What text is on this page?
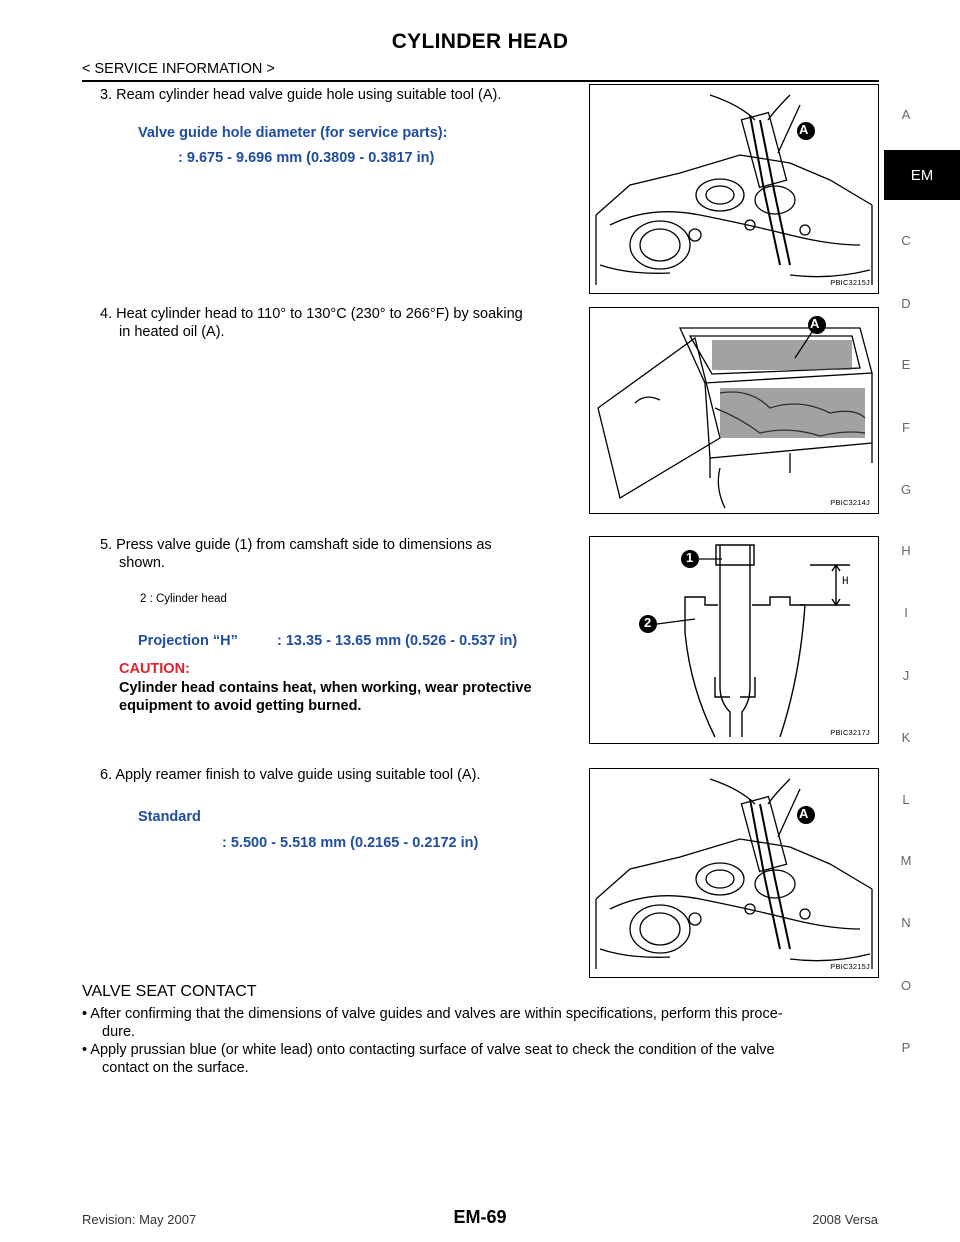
CYLINDER HEAD
< SERVICE INFORMATION >
A
EM
C
D
E
F
G
H
I
J
K
L
M
N
O
P
3. Ream cylinder head valve guide hole using suitable tool (A).
Valve guide hole diameter (for service parts):
: 9.675 - 9.696 mm (0.3809 - 0.3817 in)
A
PBIC3215J
4. Heat cylinder head to 110° to 130°C (230° to 266°F) by soaking
in heated oil (A).
A
PBIC3214J
5. Press valve guide (1) from camshaft side to dimensions as
shown.
2 : Cylinder head
Projection “H”	: 13.35 - 13.65 mm (0.526 - 0.537 in)
CAUTION:
Cylinder head contains heat, when working, wear protective
equipment to avoid getting burned.
1
2
H
PBIC3217J
6. Apply reamer finish to valve guide using suitable tool (A).
Standard
: 5.500 - 5.518 mm (0.2165 - 0.2172 in)
A
PBIC3215J
VALVE SEAT CONTACT
• After confirming that the dimensions of valve guides and valves are within specifications, perform this proce-
dure.
• Apply prussian blue (or white lead) onto contacting surface of valve seat to check the condition of the valve
contact on the surface.
Revision: May 2007	EM-69	2008 Versa
